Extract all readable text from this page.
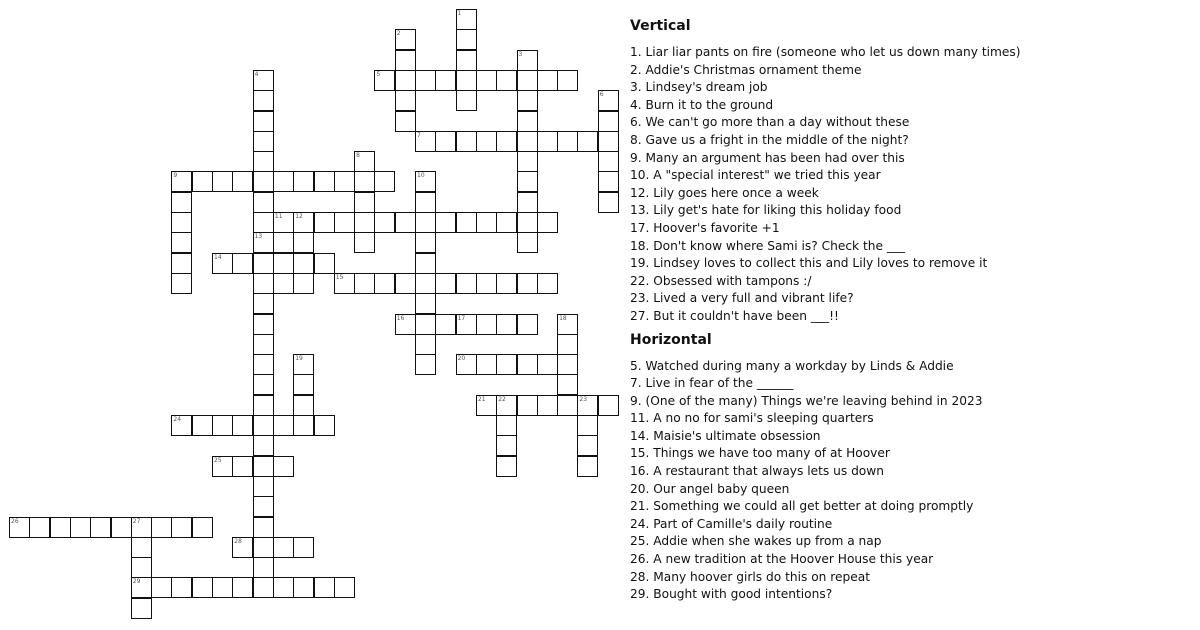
5
7
9
11 12
14
15
16	17
20
21 22	23
24
25
26	27
28
29
1
2
3
4
13
6
8
10
18
19
Vertical
1. Liar liar pants on fire (someone who let us down many times)
2. Addie's Christmas ornament theme
3. Lindsey's dream job
4. Burn it to the ground
6. We can't go more than a day without these
8. Gave us a fright in the middle of the night?
9. Many an argument has been had over this
10. A "special interest" we tried this year
12. Lily goes here once a week
13. Lily get's hate for liking this holiday food
17. Hoover's favorite +1
18. Don't know where Sami is? Check the ___
19. Lindsey loves to collect this and Lily loves to remove it
22. Obsessed with tampons :/
23. Lived a very full and vibrant life?
27. But it couldn't have been ___!!
Horizontal
5. Watched during many a workday by Linds & Addie
7. Live in fear of the ______
9. (One of the many) Things we're leaving behind in 2023
11. A no no for sami's sleeping quarters
14. Maisie's ultimate obsession
15. Things we have too many of at Hoover
16. A restaurant that always lets us down
20. Our angel baby queen
21. Something we could all get better at doing promptly
24. Part of Camille's daily routine
25. Addie when she wakes up from a nap
26. A new tradition at the Hoover House this year
28. Many hoover girls do this on repeat
29. Bought with good intentions?
